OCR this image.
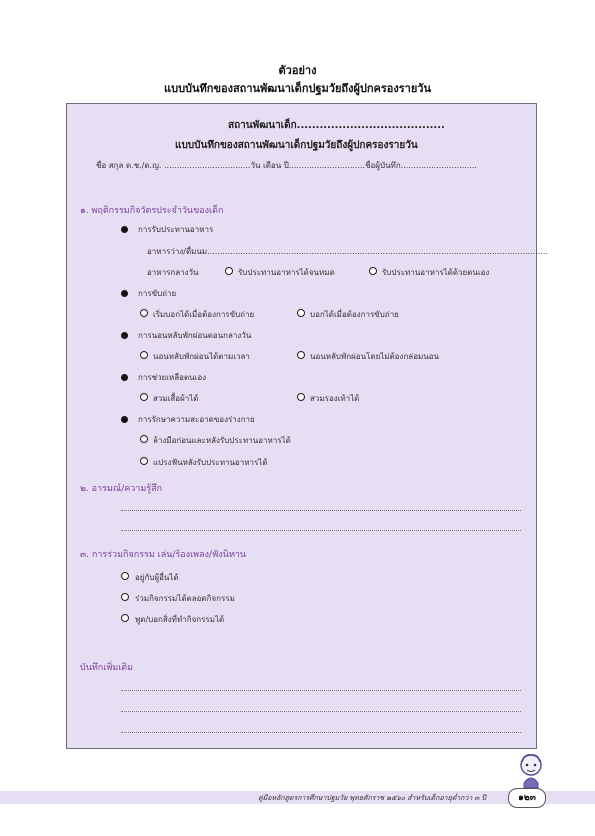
ตัวอย่าง
แบบบันทึกของสถานพัฒนาเด็กปฐมวัยถึงผู้ปกครองรายวัน
สถานพัฒนาเด็ก.......................................
แบบบันทึกของสถานพัฒนาเด็กปฐมวัยถึงผู้ปกครองรายวัน
ชื่อ สกุล ด.ช./ด.ญ. ..................................วัน เดือน ปี..............................ชื่อผู้บันทึก..............................
๑. พฤติกรรมกิจวัตรประจำวันของเด็ก
การรับประทานอาหาร
อาหารว่าง/ดื่มนม......................................................................................................................................
อาหารกลางวัน	รับประทานอาหารได้จนหมด	รับประทานอาหารได้ด้วยตนเอง
การขับถ่าย
เริ่มบอกได้เมื่อต้องการขับถ่าย	บอกได้เมื่อต้องการขับถ่าย
การนอนหลับพักผ่อนตอนกลางวัน
นอนหลับพักผ่อนได้ตามเวลา	นอนหลับพักผ่อนโดยไม่ต้องกล่อมนอน
การช่วยเหลือตนเอง
สวมเสื้อผ้าได้	สวมรองเท้าได้
การรักษาความสะอาดของร่างกาย
ล้างมือก่อนและหลังรับประทานอาหารได้
แปรงฟันหลังรับประทานอาหารได้
๒. อารมณ์/ความรู้สึก
๓. การร่วมกิจกรรม เล่น/ร้องเพลง/ฟังนิทาน
อยู่กับผู้อื่นได้
ร่วมกิจกรรมได้ตลอดกิจกรรม
พูด/บอกสิ่งที่ทำกิจกรรมได้
บันทึกเพิ่มเติม
คู่มือหลักสูตรการศึกษาปฐมวัย พุทธศักราช ๒๕๖๐ สำหรับเด็กอายุต่ำกว่า ๓ ปี	๑๒๓
